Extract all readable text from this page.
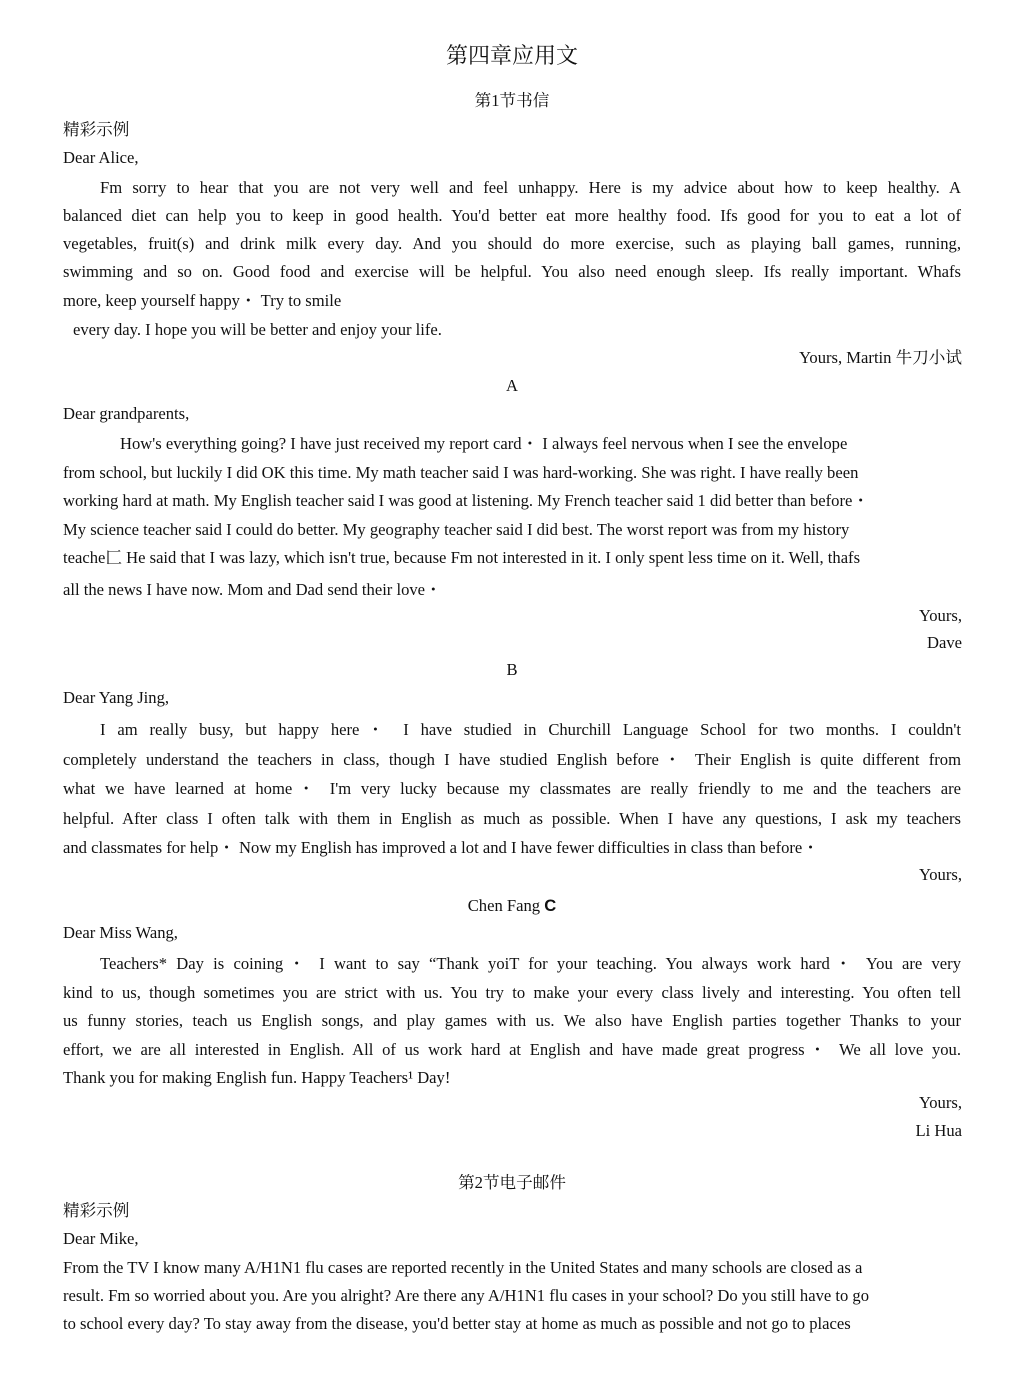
第四章应用文
第1节书信
精彩示例
Dear Alice,
Fm sorry to hear that you are not very well and feel unhappy. Here is my advice about how to keep healthy. A
balanced diet can help you to keep in good health. You'd better eat more healthy food. Ifs good for you to eat a lot of
vegetables, fruit(s) and drink milk every day. And you should do more exercise, such as playing ball games, running,
swimming and so on. Good food and exercise will be helpful. You also need enough sleep. Ifs really important. Whafs
more, keep yourself happy・ Try to smile
every day. I hope you will be better and enjoy your life.
Yours, Martin 牛刀小试
A
Dear grandparents,
How's everything going? I have just received my report card・ I always feel nervous when I see the envelope
from school, but luckily I did OK this time. My math teacher said I was hard-working. She was right. I have really been
working hard at math. My English teacher said I was good at listening. My French teacher said 1 did better than before・
My science teacher said I could do better. My geography teacher said I did best. The worst report was from my history
teache匚 He said that I was lazy, which isn't true, because Fm not interested in it. I only spent less time on it. Well, thafs
all the news I have now. Mom and Dad send their love・
Yours,
Dave
B
Dear Yang Jing,
I am really busy, but happy here・ I have studied in Churchill Language School for two months. I couldn't
completely understand the teachers in class, though I have studied English before・ Their English is quite different from
what we have learned at home・ I'm very lucky because my classmates are really friendly to me and the teachers are
helpful. After class I often talk with them in English as much as possible. When I have any questions, I ask my teachers
and classmates for help・ Now my English has improved a lot and I have fewer difficulties in class than before・
Yours,
Chen Fang C
Dear Miss Wang,
Teachers* Day is coining・ I want to say “Thank yoiT for your teaching. You always work hard・ You are very
kind to us, though sometimes you are strict with us. You try to make your every class lively and interesting. You often tell
us funny stories, teach us English songs, and play games with us. We also have English parties together Thanks to your
effort, we are all interested in English. All of us work hard at English and have made great progress・ We all love you.
Thank you for making English fun. Happy Teachers¹ Day!
Yours,
Li Hua
第2节电子邮件
精彩示例
Dear Mike,
From the TV I know many A/H1N1 flu cases are reported recently in the United States and many schools are closed as a
result. Fm so worried about you. Are you alright? Are there any A/H1N1 flu cases in your school? Do you still have to go
to school every day? To stay away from the disease, you'd better stay at home as much as possible and not go to places
